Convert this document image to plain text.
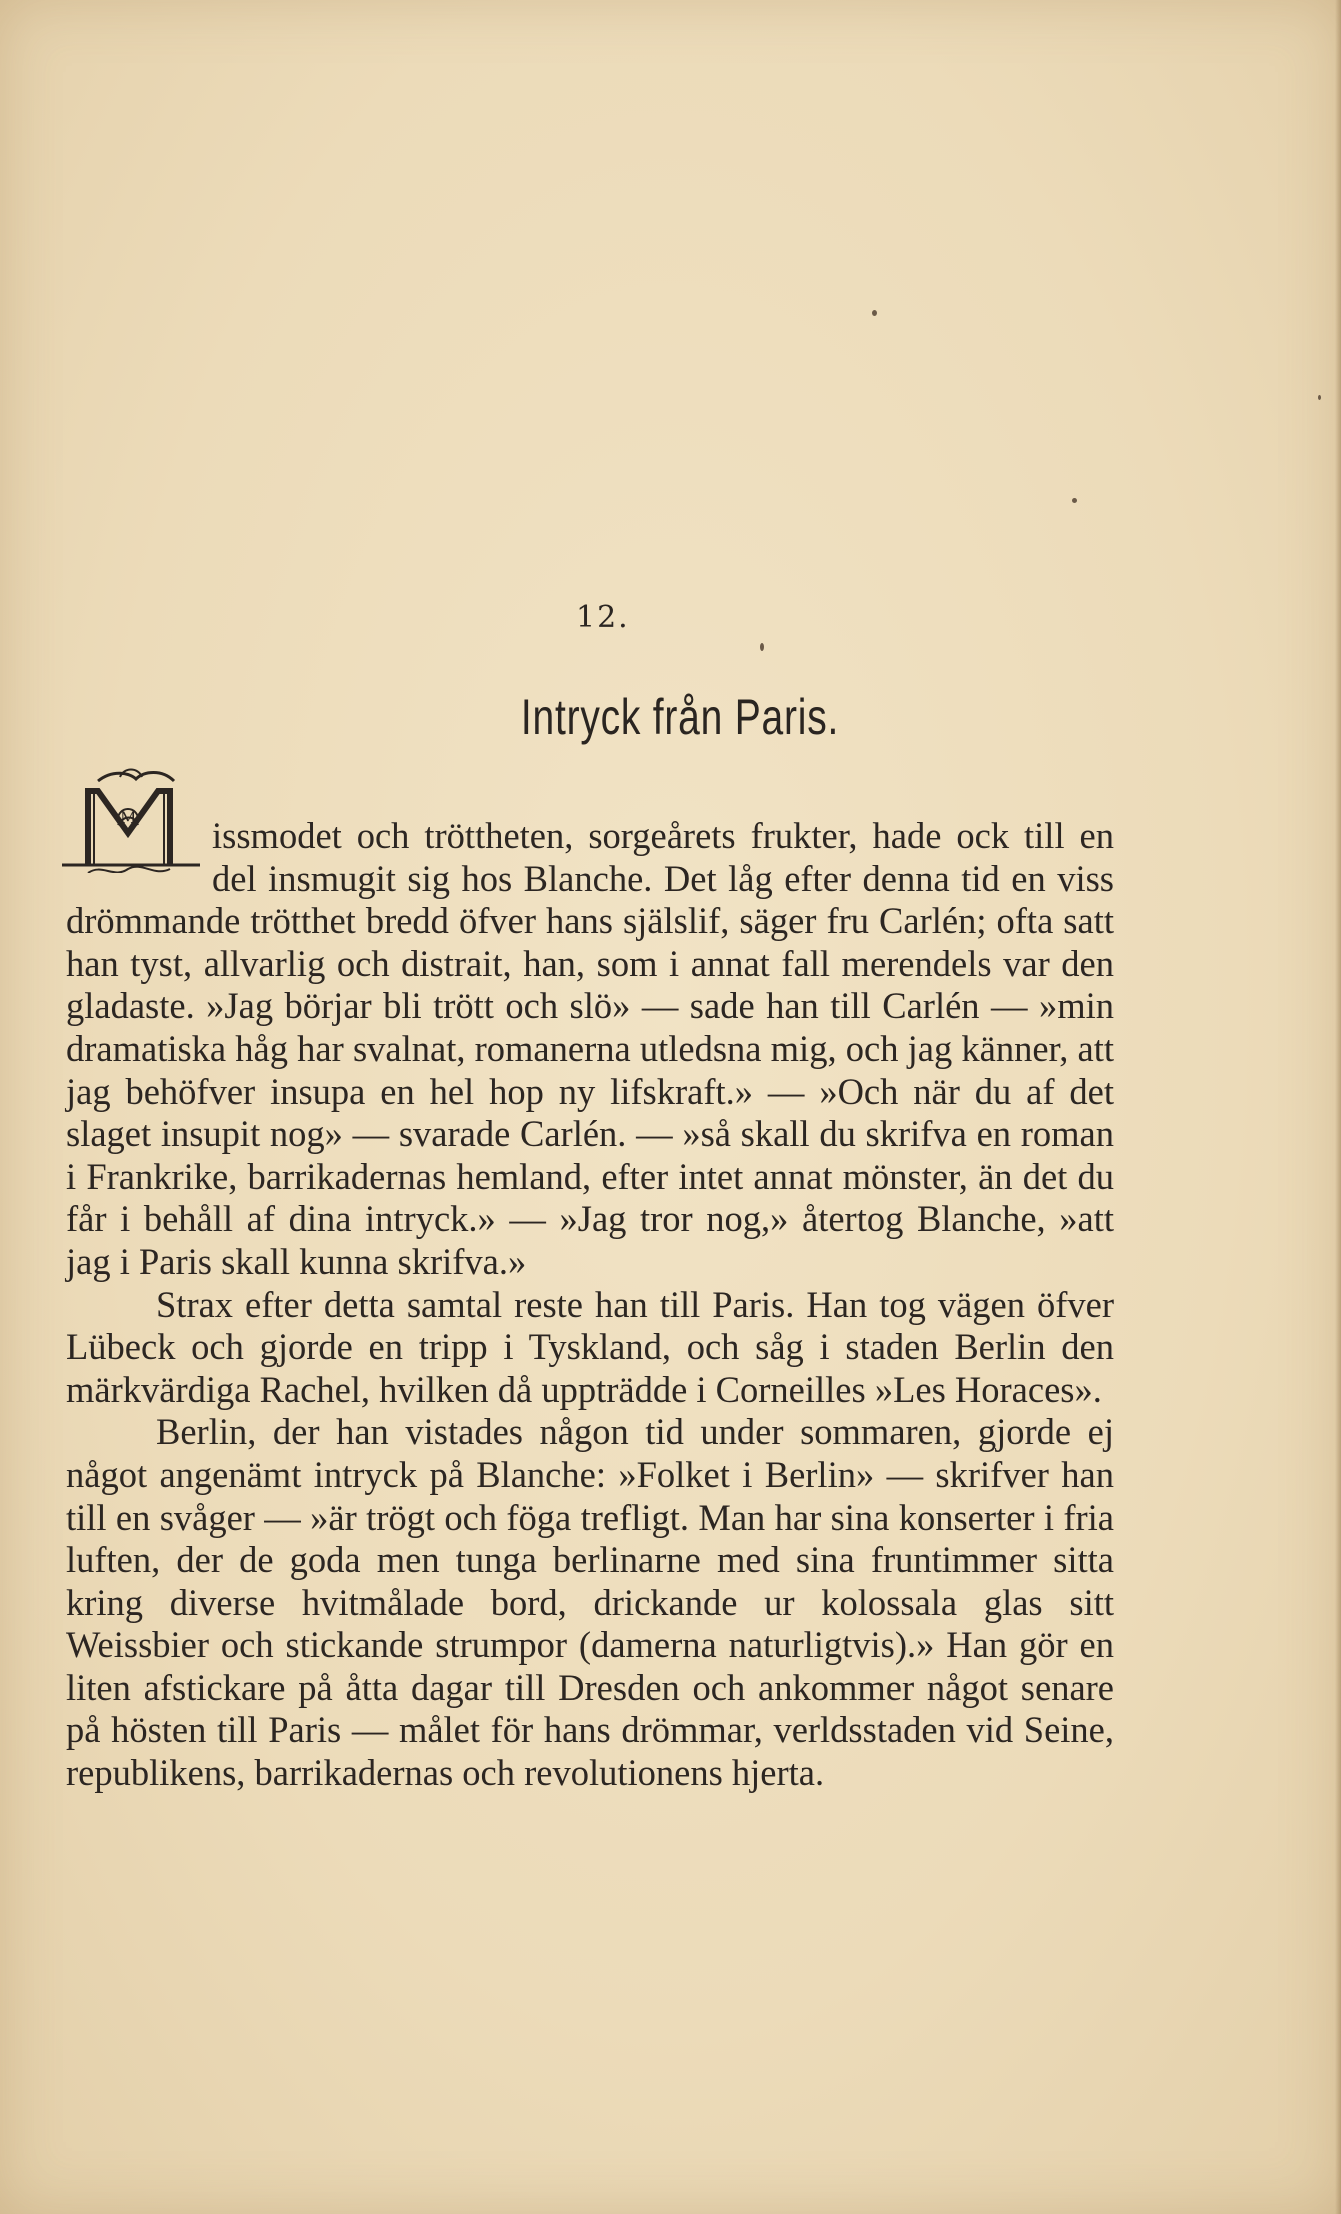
12.
Intryck från Paris.

M issmodet och tröttheten, sorgeårets frukter, hade ock till en del insmugit sig hos Blanche. Det låg efter denna tid en viss drömmande trötthet bredd öfver hans själslif, säger fru Carlén; ofta satt han tyst, allvarlig och distrait, han, som i annat fall merendels var den gladaste. »Jag börjar bli trött och slö» — sade han till Carlén — »min dramatiska håg har svalnat, romanerna utledsna mig, och jag känner, att jag behöfver insupa en hel hop ny lifskraft.» — »Och när du af det slaget insupit nog» — svarade Carlén. — »så skall du skrifva en roman i Frankrike, barrikadernas hemland, efter intet annat mönster, än det du får i behåll af dina intryck.» — »Jag tror nog,» återtog Blanche, »att jag i Paris skall kunna skrifva.»

Strax efter detta samtal reste han till Paris. Han tog vägen öfver Lübeck och gjorde en tripp i Tyskland, och såg i staden Berlin den märkvärdiga Rachel, hvilken då uppträdde i Corneilles »Les Horaces».

Berlin, der han vistades någon tid under sommaren, gjorde ej något angenämt intryck på Blanche: »Folket i Berlin» — skrifver han till en svåger — »är trögt och föga trefligt. Man har sina konserter i fria luften, der de goda men tunga berlinarne med sina fruntimmer sitta kring diverse hvitmålade bord, drickande ur kolossala glas sitt Weissbier och stickande strumpor (damerna naturligtvis).» Han gör en liten afstickare på åtta dagar till Dresden och ankommer något senare på hösten till Paris — målet för hans drömmar, verldsstaden vid Seine, republikens, barrikadernas och revolutionens hjerta.
